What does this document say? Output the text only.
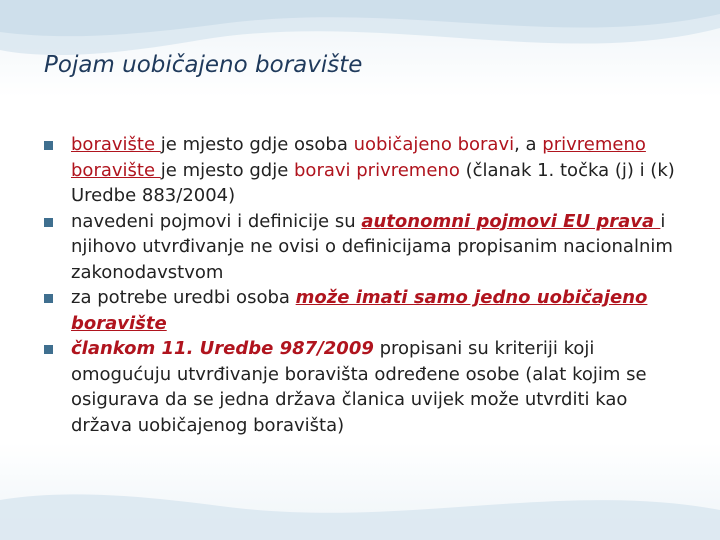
Pojam uobičajeno boravište
boravište je mjesto gdje osoba uobičajeno boravi, a privremeno boravište je mjesto gdje boravi privremeno (članak 1. točka (j) i (k) Uredbe 883/2004)
navedeni pojmovi i definicije su autonomni pojmovi EU prava i njihovo utvrđivanje ne ovisi o definicijama propisanim nacionalnim zakonodavstvom
za potrebe uredbi osoba može imati samo jedno uobičajeno boravište
člankom 11. Uredbe 987/2009 propisani su kriteriji koji omogućuju utvrđivanje boravišta određene osobe (alat kojim se osigurava da se jedna država članica uvijek može utvrditi kao država uobičajenog boravišta)
